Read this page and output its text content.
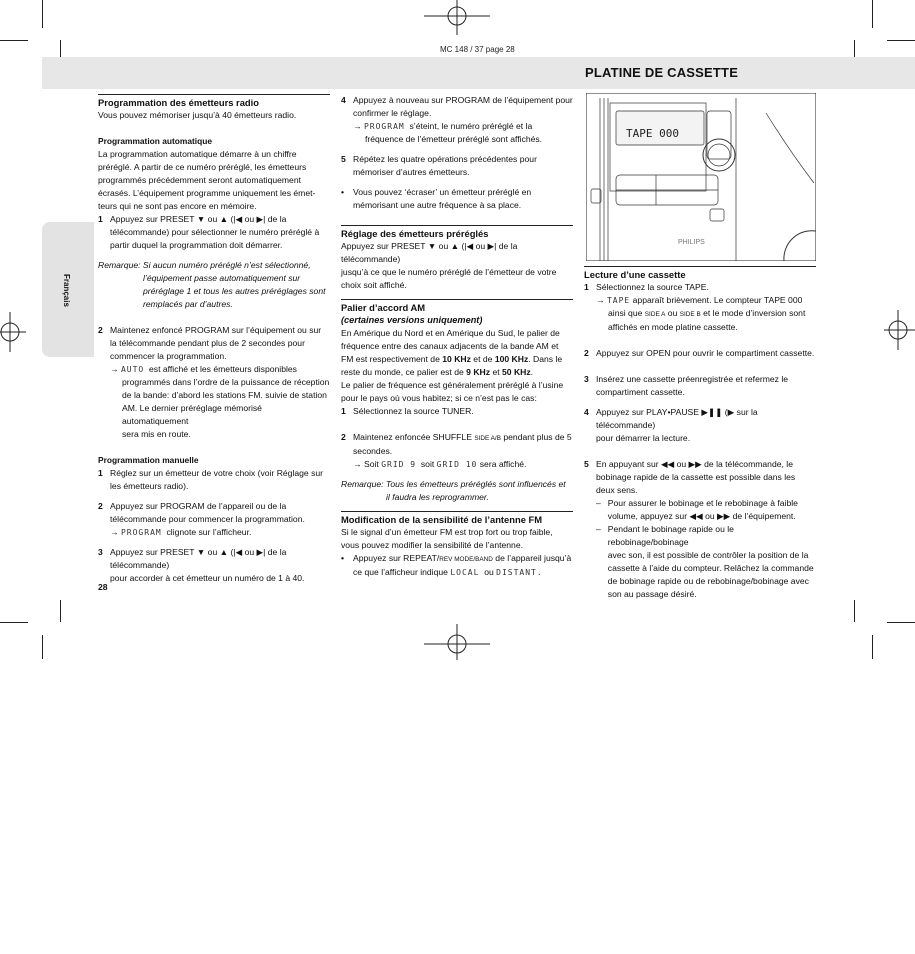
MC 148 / 37 page 28
PLATINE DE CASSETTE
Français

Programmation des émetteurs radio

Vous pouvez mémoriser jusqu’à 40 émetteurs radio.

Programmation automatique

La programmation automatique démarre à un chiffre

préréglé. A partir de ce numéro préréglé, les émetteurs

programmés précédemment seront automatiquement

écrasés. L’équipement programme uniquement les émet-

teurs qui ne sont pas encore en mémoire.

1 Appuyez sur PRESET ▼ ou ▲ (|◀ ou ▶| de la

télécommande) pour sélectionner le numéro préréglé à

partir duquel la programmation doit démarrer.

Remarque: Si aucun numéro préréglé n’est sélectionné,

l’équipement passe automatiquement sur

préréglage 1 et tous les autres préréglages sont

remplacés par d’autres.

2 Maintenez enfoncé PROGRAM sur l’équipement ou sur

la télécommande pendant plus de 2 secondes pour

commencer la programmation.

→ AUTO est affiché et les émetteurs disponibles

programmés dans l’ordre de la puissance de réception

de la bande: d’abord les stations FM. suivie de station

AM. Le dernier préréglage mémorisé automatiquement

sera mis en route.

Programmation manuelle

1 Réglez sur un émetteur de votre choix (voir Réglage sur

les émetteurs radio).

2 Appuyez sur PROGRAM de l’appareil ou de la

télécommande pour commencer la programmation.

→ PROGRAM clignote sur l’afficheur.

3 Appuyez sur PRESET ▼ ou ▲ (|◀ ou ▶| de la télécommande)

pour accorder à cet émetteur un numéro de 1 à 40.

28
4 Appuyez à nouveau sur PROGRAM de l’équipement pour

confirmer le réglage.

→ PROGRAM s’éteint, le numéro préréglé et la

fréquence de l’émetteur préréglé sont affichés.

5 Répétez les quatre opérations précédentes pour

mémoriser d’autres émetteurs.

• Vous pouvez ‘écraser’ un émetteur préréglé en

mémorisant une autre fréquence à sa place.

Réglage des émetteurs préréglés

Appuyez sur PRESET ▼ ou ▲ (|◀ ou ▶| de la télécommande)

jusqu’à ce que le numéro préréglé de l’émetteur de votre

choix soit affiché.

Palier d’accord AM

(certaines versions uniquement)

En Amérique du Nord et en Amérique du Sud, le palier de

fréquence entre des canaux adjacents de la bande AM et

FM est respectivement de 10 KHz et de 100 KHz. Dans le

reste du monde, ce palier est de 9 KHz et 50 KHz.

Le palier de fréquence est généralement préréglé à l’usine

pour le pays où vous habitez; si ce n’est pas le cas:

1 Sélectionnez la source TUNER.

2 Maintenez enfoncée SHUFFLE SIDE A/B pendant plus de 5

secondes.

→ Soit GRID 9 soit GRID 10 sera affiché.

Remarque: Tous les émetteurs préréglés sont influencés et

il faudra les reprogrammer.

Modification de la sensibilité de l’antenne FM

Si le signal d’un émetteur FM est trop fort ou trop faible,

vous pouvez modifier la sensibilité de l’antenne.

• Appuyez sur REPEAT/REV MODE/BAND de l’appareil jusqu’à

ce que l’afficheur indique LOCAL ou DISTANT.

TAPE 000
PHILIPS

Lecture d’une cassette

1 Sélectionnez la source TAPE.

→ TAPE apparaît brièvement. Le compteur TAPE 000

ainsi que SIDE A ou SIDE B et le mode d’inversion sont

affichés en mode platine cassette.

2 Appuyez sur OPEN pour ouvrir le compartiment cassette.

3 Insérez une cassette préenregistrée et refermez le

compartiment cassette.

4 Appuyez sur PLAY•PAUSE ▶❚❚ (▶ sur la télécommande)

pour démarrer la lecture.

5 En appuyant sur ◀◀ ou ▶▶ de la télécommande, le

bobinage rapide de la cassette est possible dans les

deux sens.

– Pour assurer le bobinage et le rebobinage à faible

volume, appuyez sur ◀◀ ou ▶▶ de l’équipement.

– Pendant le bobinage rapide ou le rebobinage/bobinage

avec son, il est possible de contrôler la position de la

cassette à l’aide du compteur. Relâchez la commande

de bobinage rapide ou de rebobinage/bobinage avec

son au passage désiré.
